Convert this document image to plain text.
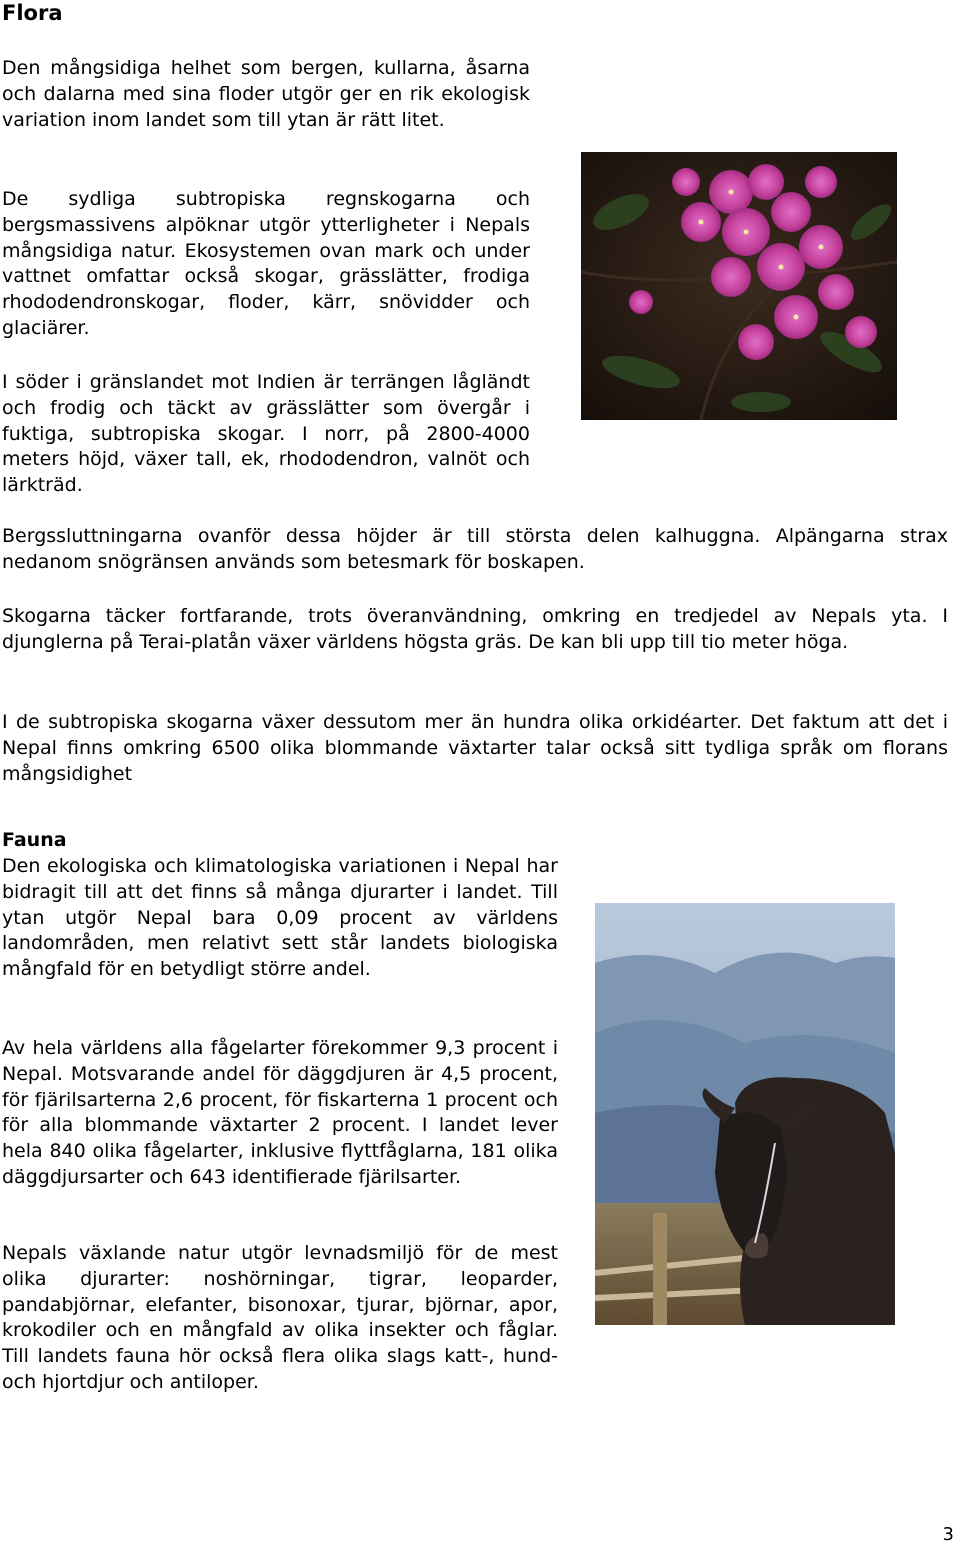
Flora

Den mångsidiga helhet som bergen, kullarna, åsarna och dalarna med sina floder utgör ger en rik ekologisk variation inom landet som till ytan är rätt litet.

De sydliga subtropiska regnskogarna och bergsmassivens alpöknar utgör ytterligheter i Nepals mångsidiga natur. Ekosystemen ovan mark och under vattnet omfattar också skogar, grässlätter, frodiga rhododendronskogar, floder, kärr, snövidder och glaciärer.

I söder i gränslandet mot Indien är terrängen lågländt och frodig och täckt av grässlätter som övergår i fuktiga, subtropiska skogar. I norr, på 2800-4000 meters höjd, växer tall, ek, rhododendron, valnöt och lärkträd.

Bergssluttningarna ovanför dessa höjder är till största delen kalhuggna. Alpängarna strax nedanom snögränsen används som betesmark för boskapen.

Skogarna täcker fortfarande, trots överanvändning, omkring en tredjedel av Nepals yta. I djunglerna på Terai-platån växer världens högsta gräs. De kan bli upp till tio meter höga.

I de subtropiska skogarna växer dessutom mer än hundra olika orkidéarter. Det faktum att det i Nepal finns omkring 6500 olika blommande växtarter talar också sitt tydliga språk om florans mångsidighet

Fauna

Den ekologiska och klimatologiska variationen i Nepal har bidragit till att det finns så många djurarter i landet. Till ytan utgör Nepal bara 0,09 procent av världens landområden, men relativt sett står landets biologiska mångfald för en betydligt större andel.

Av hela världens alla fågelarter förekommer 9,3 procent i Nepal. Motsvarande andel för däggdjuren är 4,5 procent, för fjärilsarterna 2,6 procent, för fiskarterna 1 procent och för alla blommande växtarter 2 procent. I landet lever hela 840 olika fågelarter, inklusive flyttfåglarna, 181 olika däggdjursarter och 643 identifierade fjärilsarter.

Nepals växlande natur utgör levnadsmiljö för de mest olika djurarter: noshörningar, tigrar, leoparder, pandabjörnar, elefanter, bisonoxar, tjurar, björnar, apor, krokodiler och en mångfald av olika insekter och fåglar. Till landets fauna hör också flera olika slags katt-, hund- och hjortdjur och antiloper.

3
